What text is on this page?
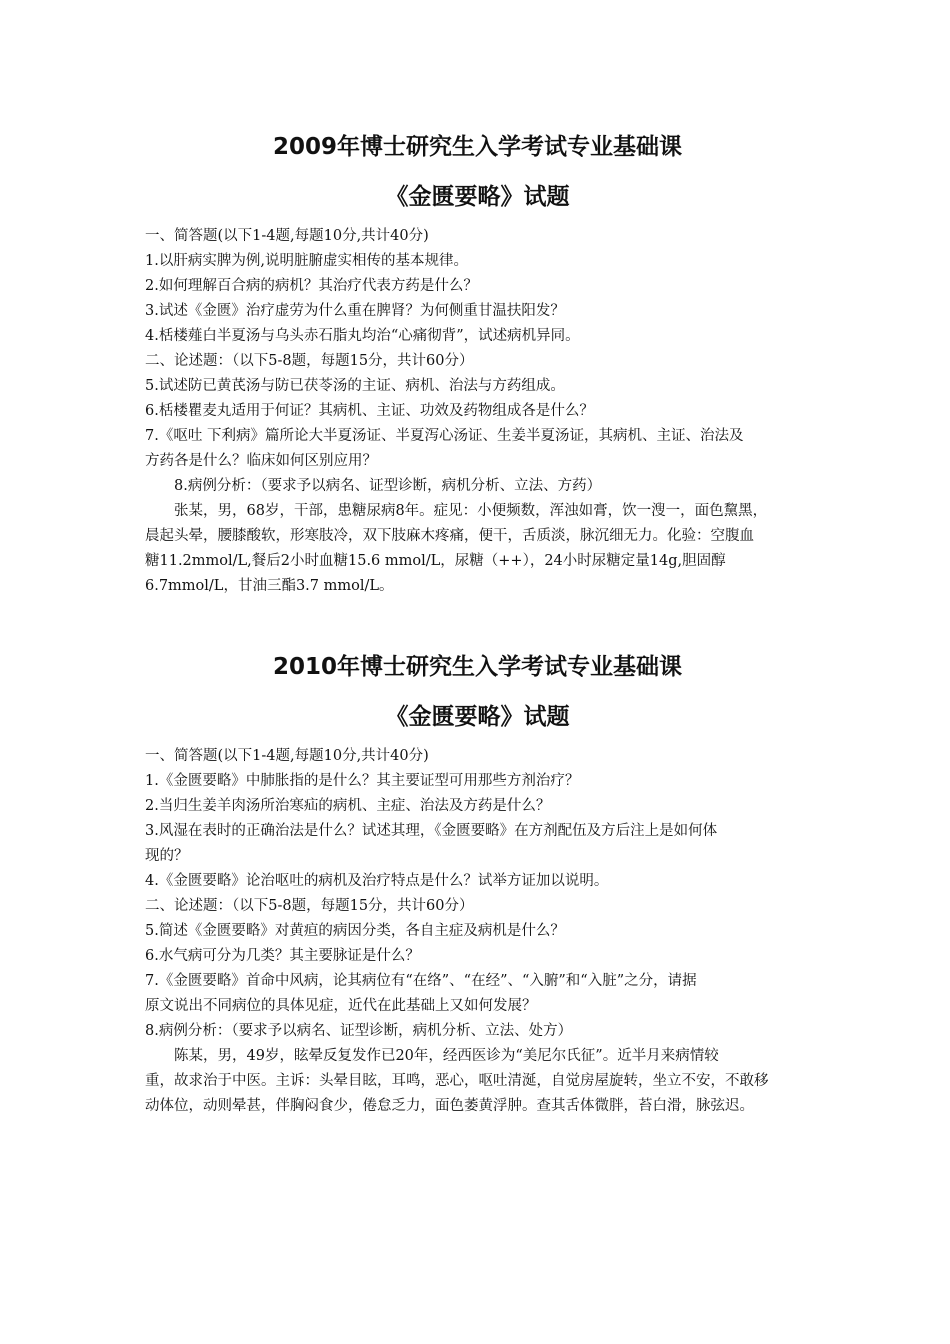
2009年博士研究生入学考试专业基础课
《金匮要略》试题

一、简答题(以下1-4题,每题10分,共计40分)

1.以肝病实脾为例,说明脏腑虚实相传的基本规律。

2.如何理解百合病的病机？其治疗代表方药是什么？

3.试述《金匮》治疗虚劳为什么重在脾肾？为何侧重甘温扶阳发？

4.栝楼薤白半夏汤与乌头赤石脂丸均治“心痛彻背”，试述病机异同。

二、论述题：（以下5-8题，每题15分，共计60分）

5.试述防已黄芪汤与防已茯苓汤的主证、病机、治法与方药组成。

6.栝楼瞿麦丸适用于何证？其病机、主证、功效及药物组成各是什么？

7.《呕吐 下利病》篇所论大半夏汤证、半夏泻心汤证、生姜半夏汤证，其病机、主证、治法及

方药各是什么？临床如何区别应用？

8.病例分析：（要求予以病名、证型诊断，病机分析、立法、方药）

张某，男，68岁，干部，患糖尿病8年。症见：小便频数，浑浊如膏，饮一溲一，面色黧黑，

晨起头晕，腰膝酸软，形寒肢冷，双下肢麻木疼痛，便干，舌质淡，脉沉细无力。化验：空腹血

糖11.2mmol/L,餐后2小时血糖15.6 mmol/L，尿糖（++），24小时尿糖定量14g,胆固醇

6.7mmol/L，甘油三酯3.7 mmol/L。

2010年博士研究生入学考试专业基础课
《金匮要略》试题

一、简答题(以下1-4题,每题10分,共计40分)

1.《金匮要略》中肺胀指的是什么？其主要证型可用那些方剂治疗？

2.当归生姜羊肉汤所治寒疝的病机、主症、治法及方药是什么？

3.风湿在表时的正确治法是什么？试述其理，《金匮要略》在方剂配伍及方后注上是如何体

现的？

4.《金匮要略》论治呕吐的病机及治疗特点是什么？试举方证加以说明。

二、论述题：（以下5-8题，每题15分，共计60分）

5.简述《金匮要略》对黄疸的病因分类，各自主症及病机是什么？

6.水气病可分为几类？其主要脉证是什么？

7.《金匮要略》首命中风病，论其病位有“在络”、“在经”、“入腑”和“入脏”之分，请据

原文说出不同病位的具体见症，近代在此基础上又如何发展？

8.病例分析：（要求予以病名、证型诊断，病机分析、立法、处方）

陈某，男，49岁，眩晕反复发作已20年，经西医诊为“美尼尔氏征”。近半月来病情较

重，故求治于中医。主诉：头晕目眩，耳鸣，恶心，呕吐清涎，自觉房屋旋转，坐立不安，不敢移

动体位，动则晕甚，伴胸闷食少，倦怠乏力，面色萎黄浮肿。查其舌体微胖，苔白滑，脉弦迟。
